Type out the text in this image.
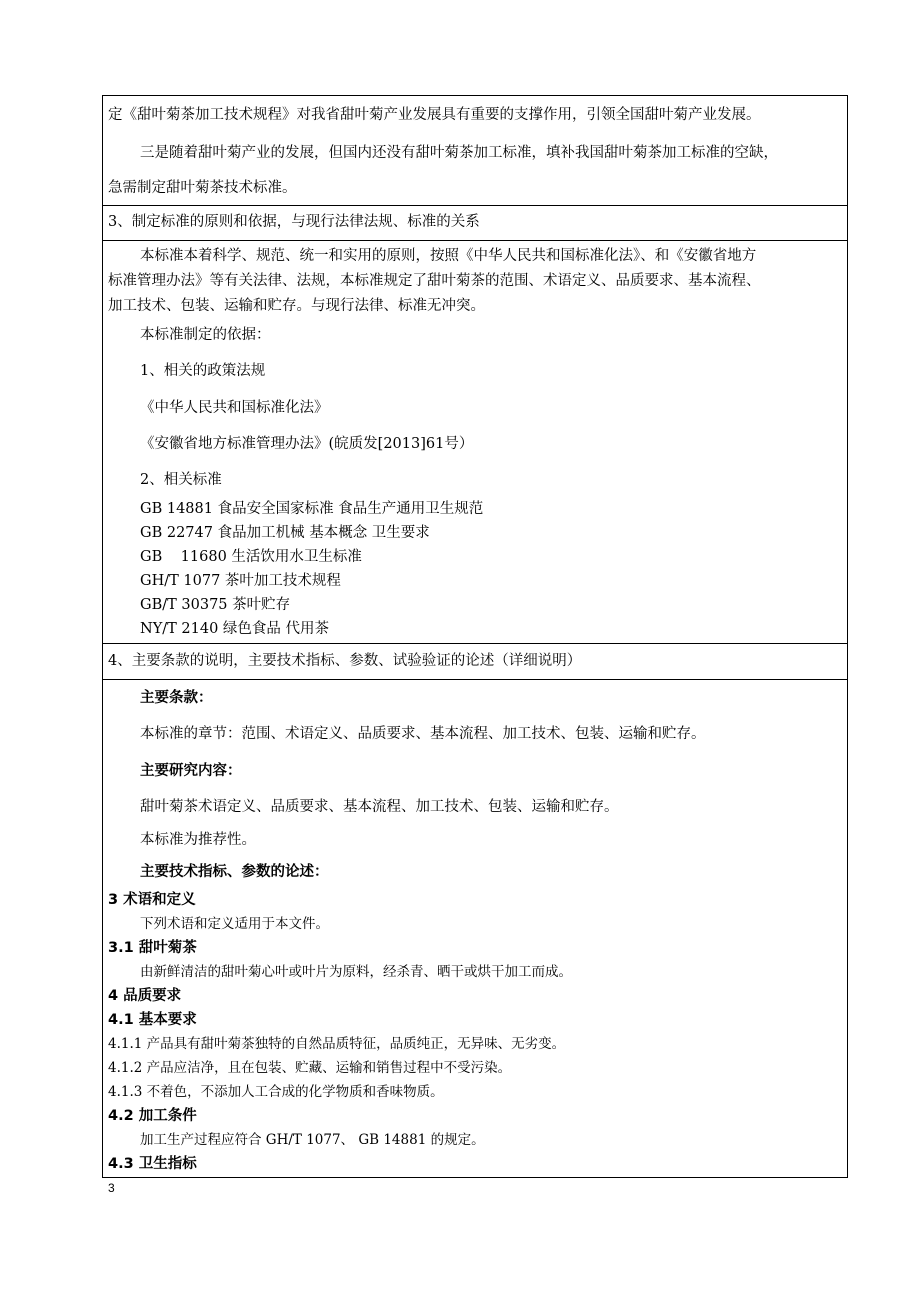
定《甜叶菊茶加工技术规程》对我省甜叶菊产业发展具有重要的支撑作用，引领全国甜叶菊产业发展。
三是随着甜叶菊产业的发展，但国内还没有甜叶菊茶加工标准，填补我国甜叶菊茶加工标准的空缺，
急需制定甜叶菊茶技术标准。
3、制定标准的原则和依据，与现行法律法规、标准的关系
本标准本着科学、规范、统一和实用的原则，按照《中华人民共和国标准化法》、和《安徽省地方
标准管理办法》等有关法律、法规，本标准规定了甜叶菊茶的范围、术语定义、品质要求、基本流程、
加工技术、包装、运输和贮存。与现行法律、标准无冲突。
本标准制定的依据：
1、相关的政策法规
《中华人民共和国标准化法》
《安徽省地方标准管理办法》(皖质发[2013]61号）
2、相关标准
GB 14881 食品安全国家标准 食品生产通用卫生规范
GB 22747 食品加工机械 基本概念 卫生要求
GB    11680 生活饮用水卫生标准
GH/T 1077 茶叶加工技术规程
GB/T 30375 茶叶贮存
NY/T 2140 绿色食品 代用茶
4、主要条款的说明，主要技术指标、参数、试验验证的论述（详细说明）
主要条款：
本标准的章节：范围、术语定义、品质要求、基本流程、加工技术、包装、运输和贮存。
主要研究内容：
甜叶菊茶术语定义、品质要求、基本流程、加工技术、包装、运输和贮存。
本标准为推荐性。
主要技术指标、参数的论述：
3 术语和定义
下列术语和定义适用于本文件。
3.1 甜叶菊茶
由新鲜清洁的甜叶菊心叶或叶片为原料，经杀青、晒干或烘干加工而成。
4 品质要求
4.1 基本要求
4.1.1 产品具有甜叶菊茶独特的自然品质特征，品质纯正，无异味、无劣变。
4.1.2 产品应洁净，且在包装、贮藏、运输和销售过程中不受污染。
4.1.3 不着色，不添加人工合成的化学物质和香味物质。
4.2 加工条件
加工生产过程应符合 GH/T 1077、 GB 14881 的规定。
4.3 卫生指标
3
